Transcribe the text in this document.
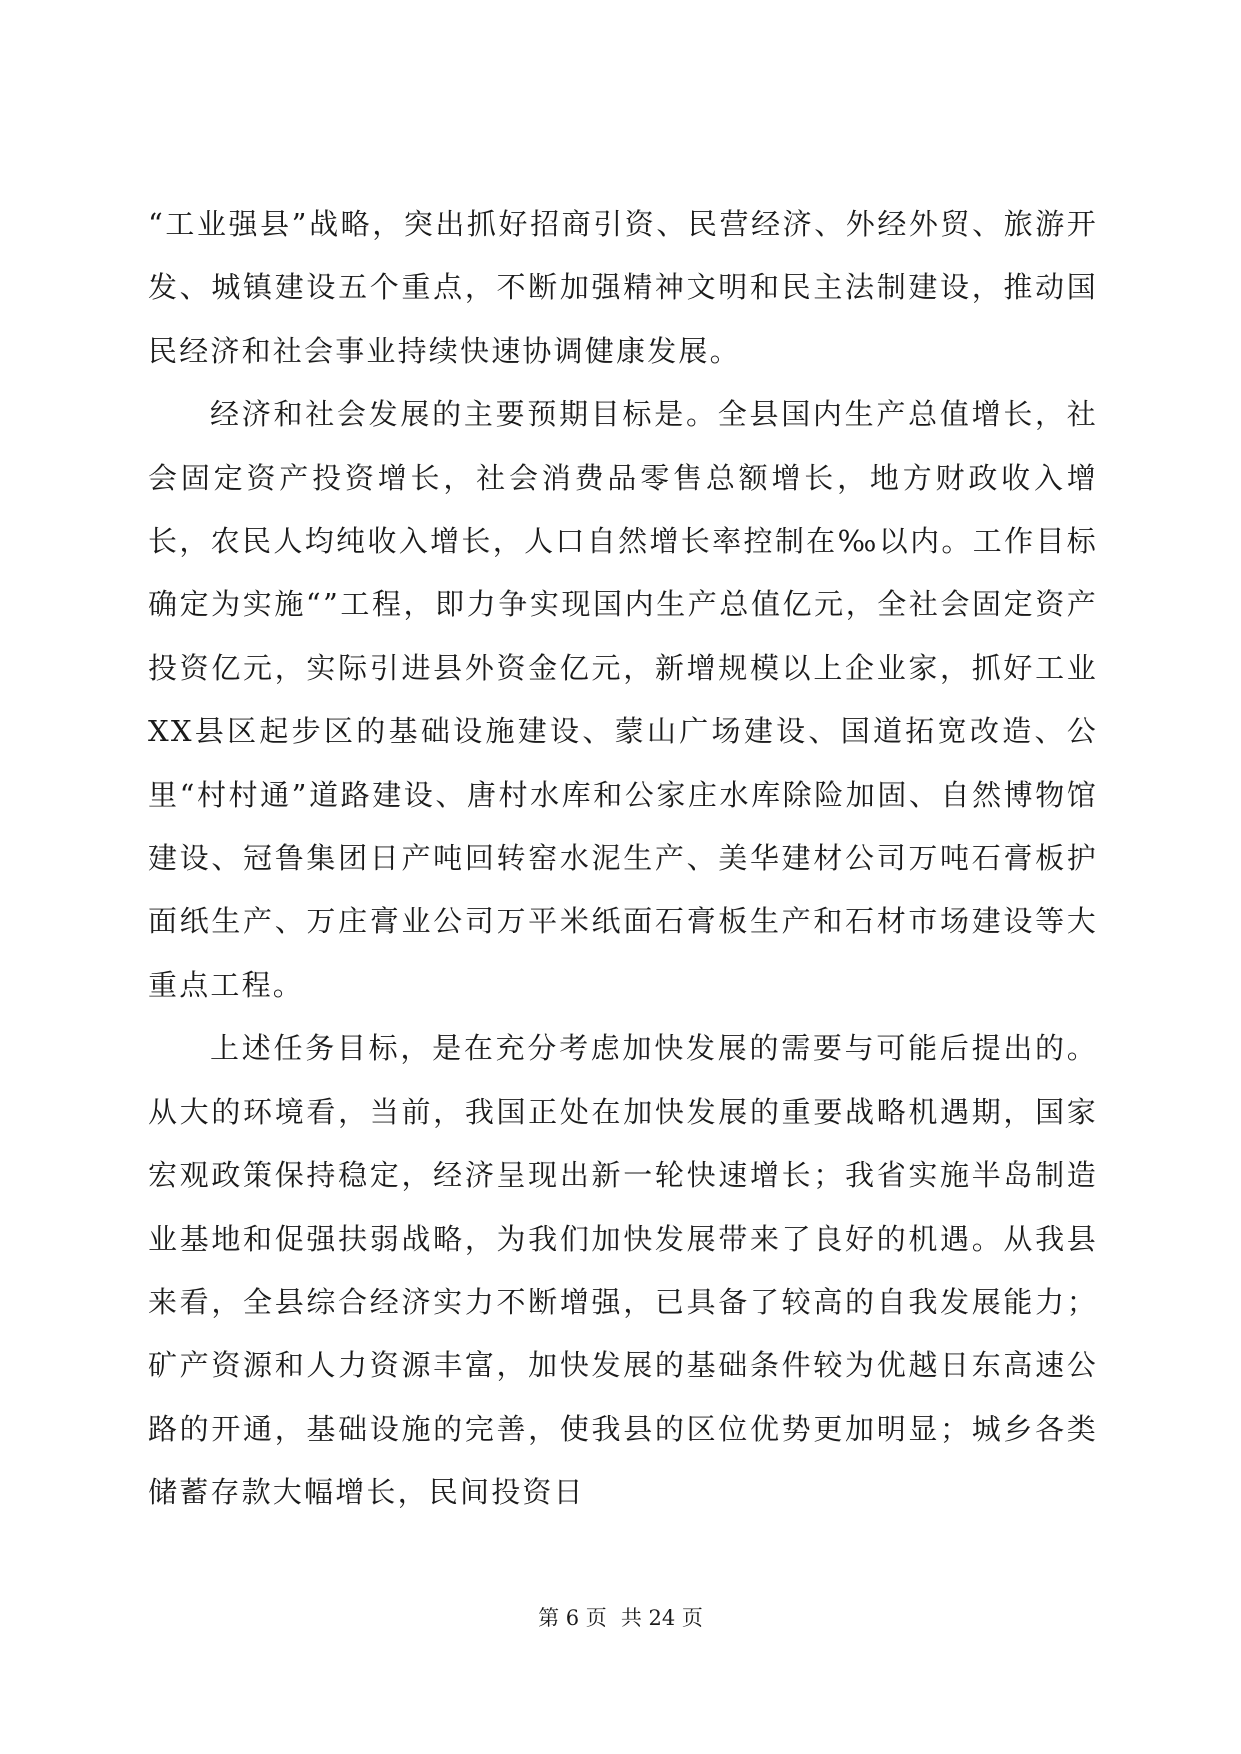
“工业强县”战略，突出抓好招商引资、民营经济、外经外贸、旅游开发、城镇建设五个重点，不断加强精神文明和民主法制建设，推动国民经济和社会事业持续快速协调健康发展。

经济和社会发展的主要预期目标是。全县国内生产总值增长，社会固定资产投资增长，社会消费品零售总额增长，地方财政收入增长，农民人均纯收入增长，人口自然增长率控制在‰以内。工作目标确定为实施“”工程，即力争实现国内生产总值亿元，全社会固定资产投资亿元，实际引进县外资金亿元，新增规模以上企业家，抓好工业XX县区起步区的基础设施建设、蒙山广场建设、国道拓宽改造、公里“村村通”道路建设、唐村水库和公家庄水库除险加固、自然博物馆建设、冠鲁集团日产吨回转窑水泥生产、美华建材公司万吨石膏板护面纸生产、万庄膏业公司万平米纸面石膏板生产和石材市场建设等大重点工程。

上述任务目标，是在充分考虑加快发展的需要与可能后提出的。从大的环境看，当前，我国正处在加快发展的重要战略机遇期，国家宏观政策保持稳定，经济呈现出新一轮快速增长；我省实施半岛制造业基地和促强扶弱战略，为我们加快发展带来了良好的机遇。从我县来看，全县综合经济实力不断增强，已具备了较高的自我发展能力；矿产资源和人力资源丰富，加快发展的基础条件较为优越日东高速公路的开通，基础设施的完善，使我县的区位优势更加明显；城乡各类储蓄存款大幅增长，民间投资日

第 6 页 共 24 页
